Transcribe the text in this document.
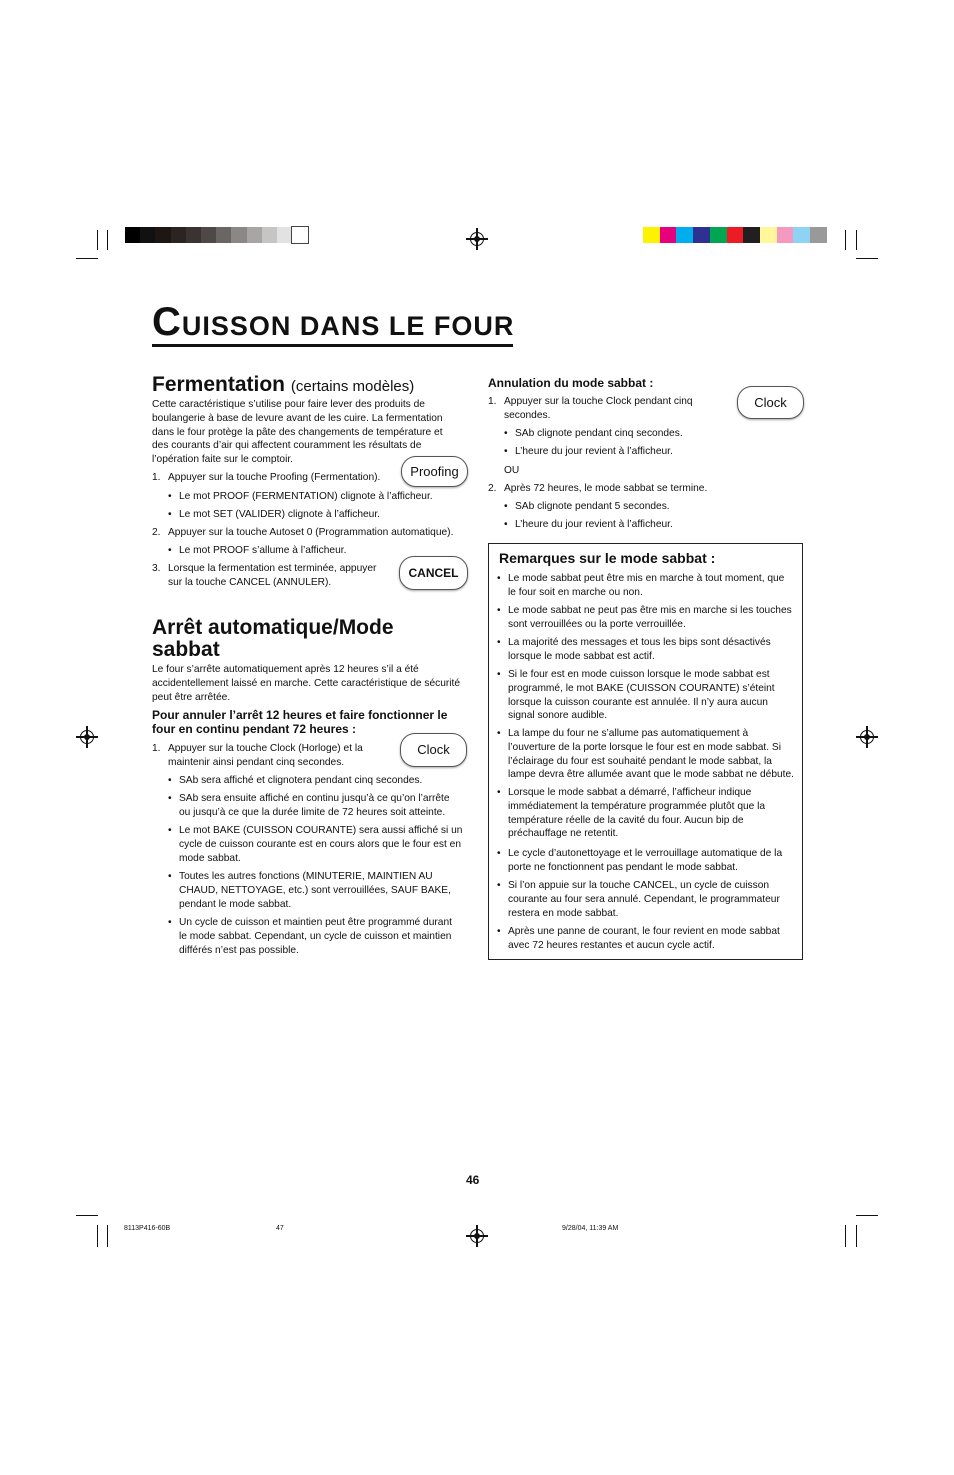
CUISSON DANS LE FOUR
Fermentation (certains modèles)
Cette caractéristique s’utilise pour faire lever des produits de
boulangerie à base de levure avant de les cuire. La fermentation
dans le four protège la pâte des changements de température et
des courants d’air qui affectent couramment les résultats de
l’opération faite sur le comptoir.
1. Appuyer sur la touche Proofing (Fermentation).
• Le mot PROOF (FERMENTATION) clignote à l’afficheur.
• Le mot SET (VALIDER) clignote à l’afficheur.
2. Appuyer sur la touche Autoset 0 (Programmation automatique).
• Le mot PROOF s’allume à l’afficheur.
3. Lorsque la fermentation est terminée, appuyer
sur la touche CANCEL (ANNULER).
Proofing
CANCEL
Arrêt automatique/Mode
sabbat
Le four s’arrête automatiquement après 12 heures s’il a été
accidentellement laissé en marche. Cette caractéristique de sécurité
peut être arrêtée.
Pour annuler l’arrêt 12 heures et faire fonctionner le
four en continu pendant 72 heures :
1. Appuyer sur la touche Clock (Horloge) et la
maintenir ainsi pendant cinq secondes.
Clock
• SAb sera affiché et clignotera pendant cinq secondes.
• SAb sera ensuite affiché en continu jusqu’à ce qu’on l’arrête
ou jusqu’à ce que la durée limite de 72 heures soit atteinte.
• Le mot BAKE (CUISSON COURANTE) sera aussi affiché si un
cycle de cuisson courante est en cours alors que le four est en
mode sabbat.
• Toutes les autres fonctions (MINUTERIE, MAINTIEN AU
CHAUD, NETTOYAGE, etc.) sont verrouillées, SAUF BAKE,
pendant le mode sabbat.
• Un cycle de cuisson et maintien peut être programmé durant
le mode sabbat. Cependant, un cycle de cuisson et maintien
différés n’est pas possible.
Annulation du mode sabbat :
1. Appuyer sur la touche Clock pendant cinq
secondes.
Clock
• SAb clignote pendant cinq secondes.
• L’heure du jour revient à l’afficheur.
OU
2. Après 72 heures, le mode sabbat se termine.
• SAb clignote pendant 5 secondes.
• L’heure du jour revient à l’afficheur.
Remarques sur le mode sabbat :
• Le mode sabbat peut être mis en marche à tout moment, que
le four soit en marche ou non.
• Le mode sabbat ne peut pas être mis en marche si les touches
sont verrouillées ou la porte verrouillée.
• La majorité des messages et tous les bips sont désactivés
lorsque le mode sabbat est actif.
• Si le four est en mode cuisson lorsque le mode sabbat est
programmé, le mot BAKE (CUISSON COURANTE) s’éteint
lorsque la cuisson courante est annulée. Il n’y aura aucun
signal sonore audible.
• La lampe du four ne s’allume pas automatiquement à
l’ouverture de la porte lorsque le four est en mode sabbat. Si
l’éclairage du four est souhaité pendant le mode sabbat, la
lampe devra être allumée avant que le mode sabbat ne débute.
• Lorsque le mode sabbat a démarré, l’afficheur indique
immédiatement la température programmée plutôt que la
température réelle de la cavité du four. Aucun bip de
préchauffage ne retentit.
• Le cycle d’autonettoyage et le verrouillage automatique de la
porte ne fonctionnent pas pendant le mode sabbat.
• Si l’on appuie sur la touche CANCEL, un cycle de cuisson
courante au four sera annulé. Cependant, le programmateur
restera en mode sabbat.
• Après une panne de courant, le four revient en mode sabbat
avec 72 heures restantes et aucun cycle actif.
46
8113P416-60B	47	9/28/04, 11:39 AM
